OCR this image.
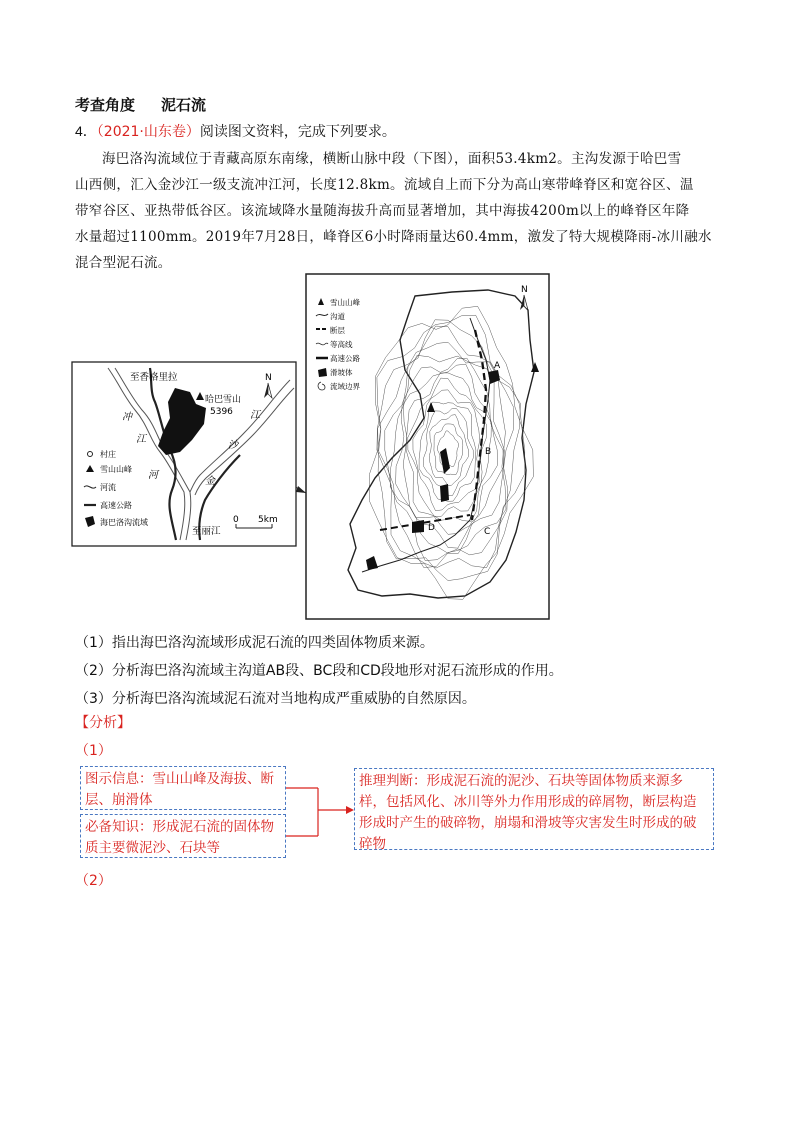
考查角度 泥石流
4．（2021·山东卷）阅读图文资料，完成下列要求。
海巴洛沟流域位于青藏高原东南缘，横断山脉中段（下图），面积53.4km2。主沟发源于哈巴雪
山西侧，汇入金沙江一级支流冲江河，长度12.8km。流域自上而下分为高山寒带峰脊区和宽谷区、温
带窄谷区、亚热带低谷区。该流域降水量随海拔升高而显著增加，其中海拔4200m以上的峰脊区年降
水量超过1100mm。2019年7月28日，峰脊区6小时降雨量达60.4mm，激发了特大规模降雨-冰川融水
混合型泥石流。
至香格里拉
哈巴雪山
5396
冲
江
河
江
沙
金
至丽江
N
0 5km
村庄
雪山山峰
河流
高速公路
海巴洛沟流域
A
B
C
D
N
雪山山峰
沟道
断层
等高线
高速公路
滑坡体
流域边界
（1）指出海巴洛沟流域形成泥石流的四类固体物质来源。
（2）分析海巴洛沟流域主沟道AB段、BC段和CD段地形对泥石流形成的作用。
（3）分析海巴洛沟流域泥石流对当地构成严重威胁的自然原因。
【分析】
（1）
图示信息：雪山山峰及海拔、断层、崩滑体
必备知识：形成泥石流的固体物质主要微泥沙、石块等
推理判断：形成泥石流的泥沙、石块等固体物质来源多样，包括风化、冰川等外力作用形成的碎屑物，断层构造形成时产生的破碎物，崩塌和滑坡等灾害发生时形成的破碎物
（2）
